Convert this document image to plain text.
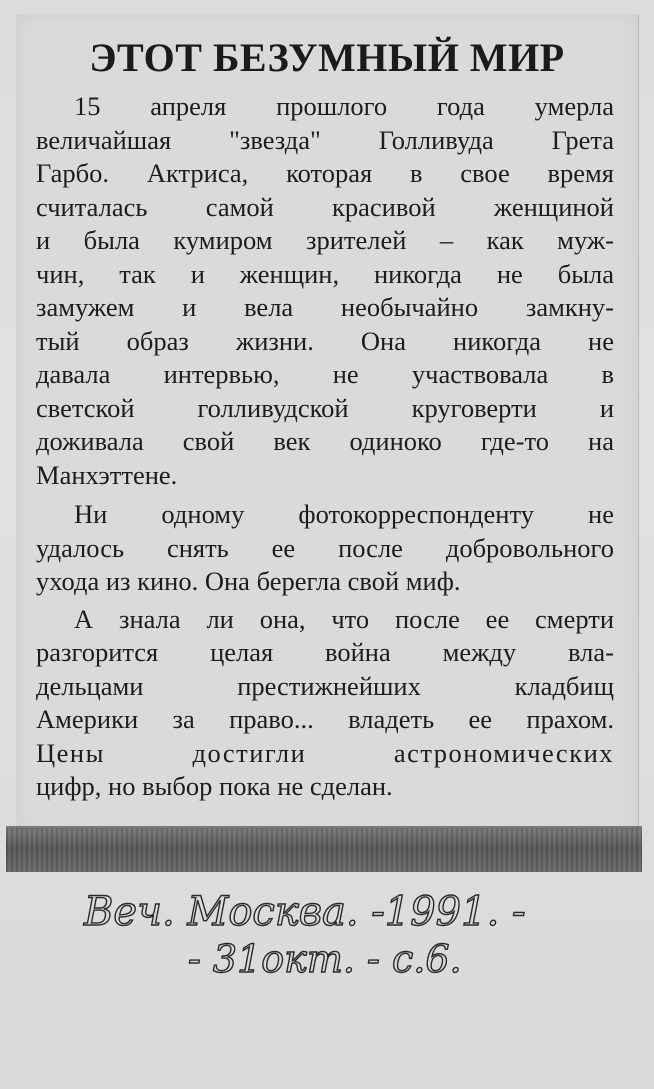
ЭТОТ БЕЗУМНЫЙ МИР
15 апреля прошлого года умерла
величайшая "звезда" Голливуда Грета
Гарбо. Актриса, которая в свое время
считалась самой красивой женщиной
и была кумиром зрителей – как муж-
чин, так и женщин, никогда не была
замужем и вела необычайно замкну-
тый образ жизни. Она никогда не
давала интервью, не участвовала в
светской голливудской круговерти и
доживала свой век одиноко где-то на
Манхэттене.
Ни одному фотокорреспонденту не
удалось снять ее после добровольного
ухода из кино. Она берегла свой миф.
А знала ли она, что после ее смерти
разгорится целая война между вла-
дельцами престижнейших кладбищ
Америки за право... владеть ее прахом.
Цены достигли астрономических
цифр, но выбор пока не сделан.
Веч. Москва. -1991. -
- 31окт. - с.6.
